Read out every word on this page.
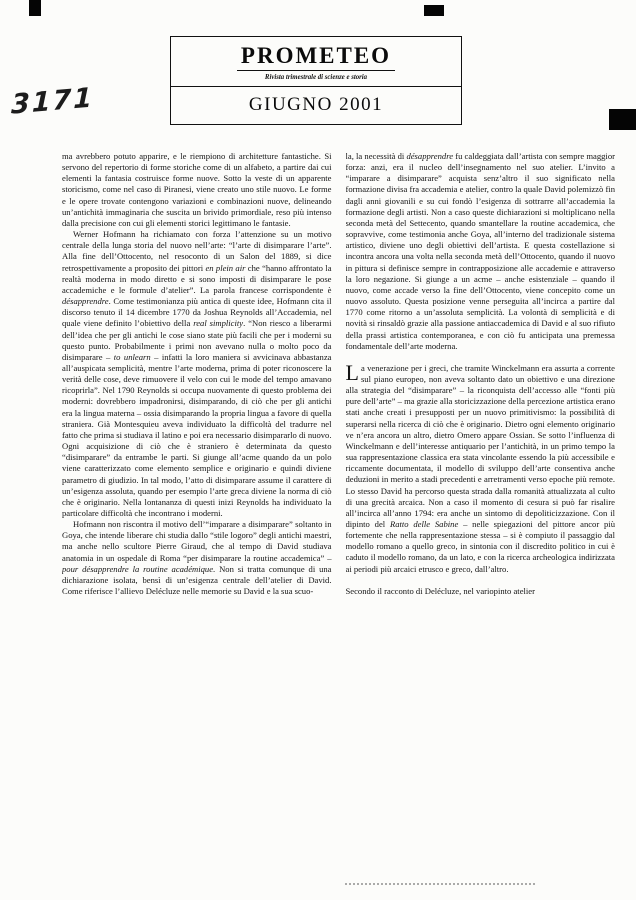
3171
PROMETEO
Rivista trimestrale di scienze e storia
GIUGNO 2001

ma avrebbero potuto apparire, e le riempiono di architetture fantastiche. Si servono del repertorio di forme storiche come di un alfabeto, a partire dai cui elementi la fantasia costruisce forme nuove. Sotto la veste di un apparente storicismo, come nel caso di Piranesi, viene creato uno stile nuovo. Le forme e le opere trovate contengono variazioni e combinazioni nuove, delineando un’antichità immaginaria che suscita un brivido primordiale, reso più intenso dalla precisione con cui gli elementi storici legittimano le fantasie.

Werner Hofmann ha richiamato con forza l’attenzione su un motivo centrale della lunga storia del nuovo nell’arte: “l’arte di disimparare l’arte”. Alla fine dell’Ottocento, nel resoconto di un Salon del 1889, si dice retrospettivamente a proposito dei pittori en plein air che “hanno affrontato la realtà moderna in modo diretto e si sono imposti di disimparare le pose accademiche e le formule d’atelier”. La parola francese corrispondente è désapprendre. Come testimonianza più antica di queste idee, Hofmann cita il discorso tenuto il 14 dicembre 1770 da Joshua Reynolds all’Accademia, nel quale viene definito l’obiettivo della real simplicity. “Non riesco a liberarmi dell’idea che per gli antichi le cose siano state più facili che per i moderni su questo punto. Probabilmente i primi non avevano nulla o molto poco da disimparare – to unlearn – infatti la loro maniera si avvicinava abbastanza all’auspicata semplicità, mentre l’arte moderna, prima di poter riconoscere la verità delle cose, deve rimuovere il velo con cui le mode del tempo amavano ricoprirla”. Nel 1790 Reynolds si occupa nuovamente di questo problema dei moderni: dovrebbero impadronirsi, disimparando, di ciò che per gli antichi era la lingua materna – ossia disimparando la propria lingua a favore di quella straniera. Già Montesquieu aveva individuato la difficoltà del tradurre nel fatto che prima si studiava il latino e poi era necessario disimpararlo di nuovo. Ogni acquisizione di ciò che è straniero è determinata da questo “disimparare” da entrambe le parti. Si giunge all’acme quando da un polo viene caratterizzato come elemento semplice e originario e quindi diviene parametro di giudizio. In tal modo, l’atto di disimparare assume il carattere di un’esigenza assoluta, quando per esempio l’arte greca diviene la norma di ciò che è originario. Nella lontananza di questi inizi Reynolds ha individuato la particolare difficoltà che incontrano i moderni.

Hofmann non riscontra il motivo dell’“imparare a disimparare” soltanto in Goya, che intende liberare chi studia dallo “stile logoro” degli antichi maestri, ma anche nello scultore Pierre Giraud, che al tempo di David studiava anatomia in un ospedale di Roma “per disimparare la routine accademica” – pour désapprendre la routine académique. Non si tratta comunque di una dichiarazione isolata, bensì di un’esigenza centrale dell’atelier di David. Come riferisce l’allievo Delécluze nelle memorie su David e la sua scuo-

la, la necessità di désapprendre fu caldeggiata dall’artista con sempre maggior forza: anzi, era il nucleo dell’insegnamento nel suo atelier. L’invito a “imparare a disimparare” acquista senz’altro il suo significato nella formazione divisa fra accademia e atelier, contro la quale David polemizzò fin dagli anni giovanili e su cui fondò l’esigenza di sottrarre all’accademia la formazione degli artisti. Non a caso queste dichiarazioni si moltiplicano nella seconda metà del Settecento, quando smantellare la routine accademica, che sopravvive, come testimonia anche Goya, all’interno del tradizionale sistema artistico, diviene uno degli obiettivi dell’artista. E questa costellazione si incontra ancora una volta nella seconda metà dell’Ottocento, quando il nuovo in pittura si definisce sempre in contrapposizione alle accademie e attraverso la loro negazione. Si giunge a un acme – anche esistenziale – quando il nuovo, come accade verso la fine dell’Ottocento, viene concepito come un nuovo assoluto. Questa posizione venne perseguita all’incirca a partire dal 1770 come ritorno a un’assoluta semplicità. La volontà di semplicità e di novità si rinsaldò grazie alla passione antiaccademica di David e al suo rifiuto della prassi artistica contemporanea, e con ciò fu anticipata una premessa fondamentale dell’arte moderna.

La venerazione per i greci, che tramite Winckelmann era assurta a corrente sul piano europeo, non aveva soltanto dato un obiettivo e una direzione alla strategia del “disimparare” – la riconquista dell’accesso alle “fonti più pure dell’arte” – ma grazie alla storicizzazione della percezione artistica erano stati anche creati i presupposti per un nuovo primitivismo: la possibilità di superarsi nella ricerca di ciò che è originario. Dietro ogni elemento originario ve n’era ancora un altro, dietro Omero appare Ossian. Se sotto l’influenza di Winckelmann e dell’interesse antiquario per l’antichità, in un primo tempo la sua rappresentazione classica era stata vincolante essendo la più accessibile e riccamente documentata, il modello di sviluppo dell’arte consentiva anche deduzioni in merito a stadi precedenti e arretramenti verso epoche più remote. Lo stesso David ha percorso questa strada dalla romanità attualizzata al culto di una grecità arcaica. Non a caso il momento di cesura si può far risalire all’incirca all’anno 1794: era anche un sintomo di depoliticizzazione. Con il dipinto del Ratto delle Sabine – nelle spiegazioni del pittore ancor più fortemente che nella rappresentazione stessa – si è compiuto il passaggio dal modello romano a quello greco, in sintonia con il discredito politico in cui è caduto il modello romano, da un lato, e con la ricerca archeologica indirizzata ai periodi più arcaici etrusco e greco, dall’altro.

Secondo il racconto di Delécluze, nel variopinto atelier
